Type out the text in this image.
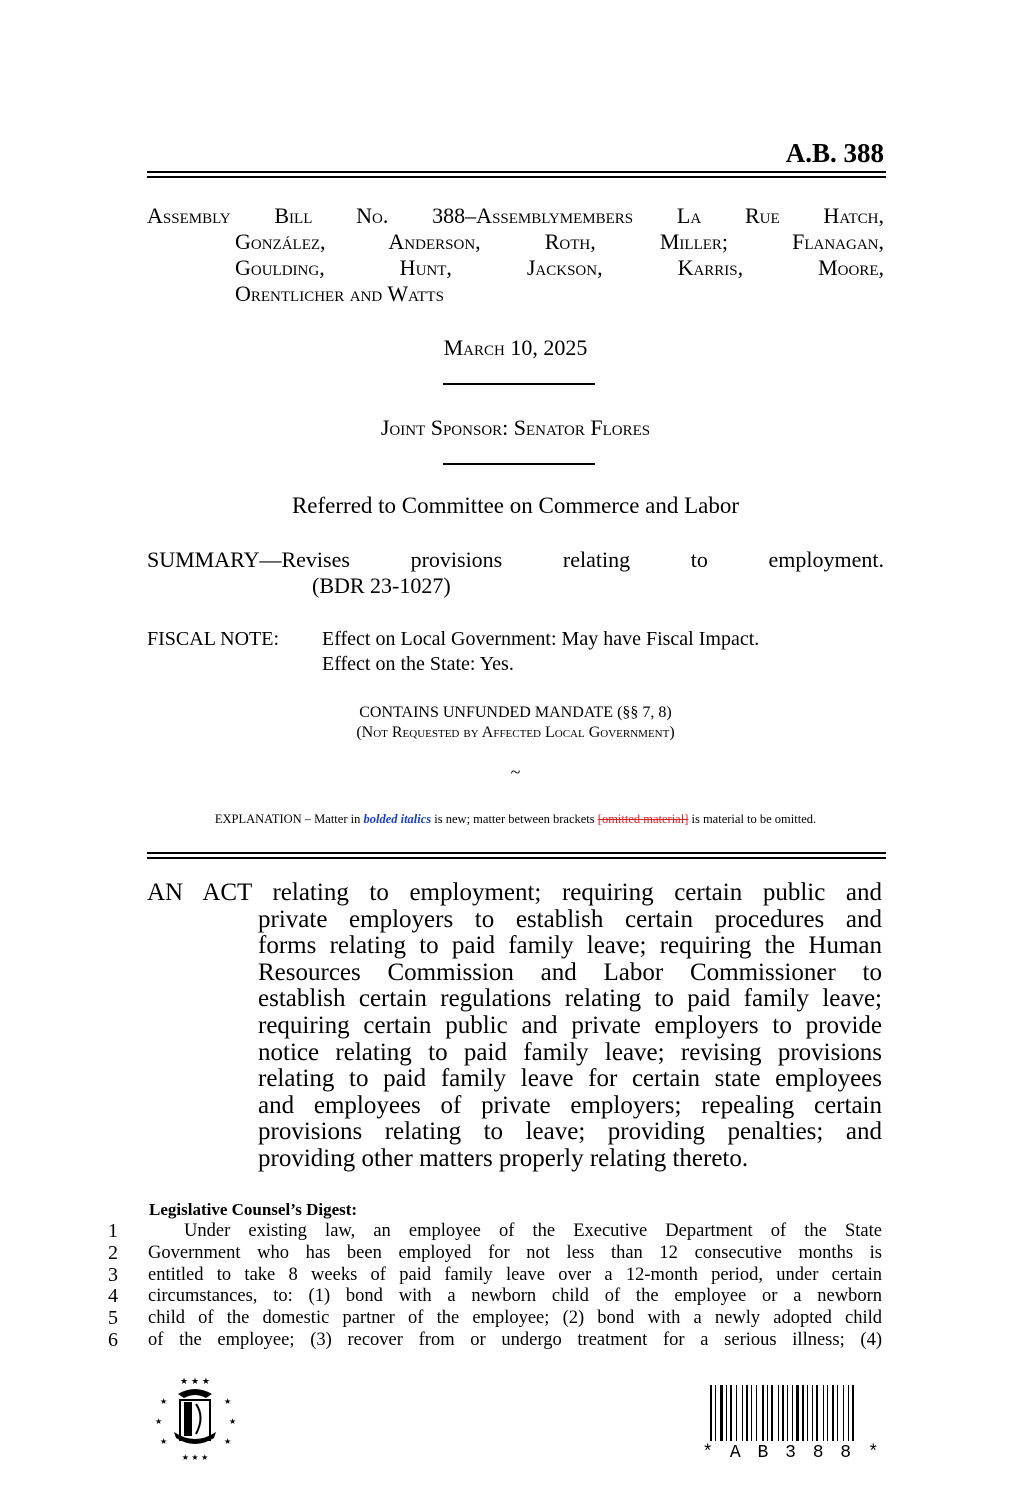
A.B. 388
Assembly Bill No. 388–Assemblymembers La Rue Hatch,
González, Anderson, Roth, Miller; Flanagan,
Goulding, Hunt, Jackson, Karris, Moore,
Orentlicher and Watts
March 10, 2025
Joint Sponsor: Senator Flores
Referred to Committee on Commerce and Labor
SUMMARY—Revises	provisions	relating	to	employment.
(BDR 23-1027)
FISCAL NOTE: Effect on Local Government: May have Fiscal Impact.
Effect on the State: Yes.
CONTAINS UNFUNDED MANDATE (§§ 7, 8)
(Not Requested by Affected Local Government)
~
EXPLANATION – Matter in bolded italics is new; matter between brackets [omitted material] is material to be omitted.
AN ACT relating to employment; requiring certain public and
private employers to establish certain procedures and
forms relating to paid family leave; requiring the Human
Resources Commission and Labor Commissioner to
establish certain regulations relating to paid family leave;
requiring certain public and private employers to provide
notice relating to paid family leave; revising provisions
relating to paid family leave for certain state employees
and employees of private employers; repealing certain
provisions relating to leave; providing penalties; and
providing other matters properly relating thereto.
Legislative Counsel’s Digest:
1	Under existing law, an employee of the Executive Department of the State
2	Government who has been employed for not less than 12 consecutive months is
3	entitled to take 8 weeks of paid family leave over a 12-month period, under certain
4	circumstances, to: (1) bond with a newborn child of the employee or a newborn
5	child of the domestic partner of the employee; (2) bond with a newly adopted child
6	of the employee; (3) recover from or undergo treatment for a serious illness; (4)
★ ★ ★
★	★
★	★
★	★
★ ★ ★	* A B 3 8 8 *
